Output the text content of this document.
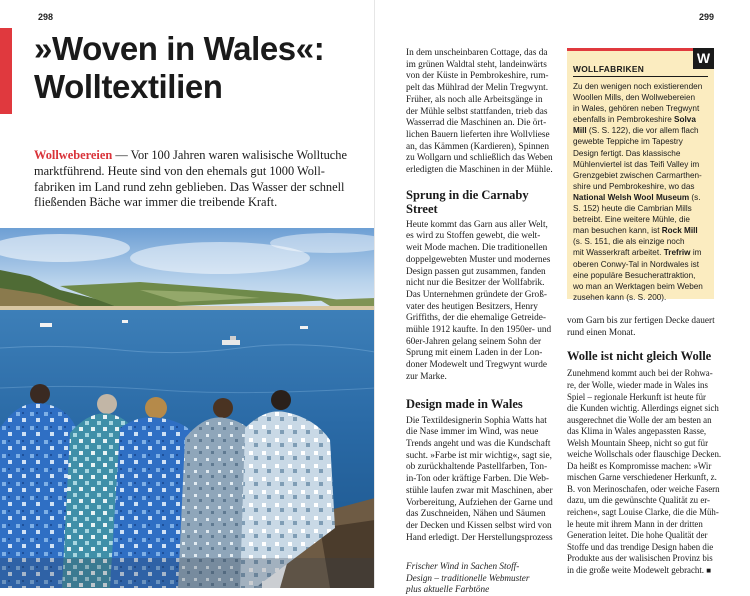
298
»Woven in Wales«:
Wolltextilien

Wollwebereien — Vor 100 Jahren waren walisische Wolltuche
marktführend. Heute sind von den ehemals gut 1000 Woll-
fabriken im Land rund zehn geblieben. Das Wasser der schnell
fließenden Bäche war immer die treibende Kraft.

299

In dem unscheinbaren Cottage, das da
im grünen Waldtal steht, landeinwärts
von der Küste in Pembrokeshire, rum-
pelt das Mühlrad der Melin Tregwynt.
Früher, als noch alle Arbeitsgänge in
der Mühle selbst stattfanden, trieb das
Wasserrad die Maschinen an. Die ört-
lichen Bauern lieferten ihre Wollvliese
an, das Kämmen (Kardieren), Spinnen
zu Wollgarn und schließlich das Weben
erledigten die Maschinen in der Mühle.

Sprung in die Carnaby
Street

Heute kommt das Garn aus aller Welt,
es wird zu Stoffen gewebt, die welt-
weit Mode machen. Die traditionellen
doppelgewebten Muster und modernes
Design passen gut zusammen, fanden
nicht nur die Besitzer der Wollfabrik.
Das Unternehmen gründete der Groß-
vater des heutigen Besitzers, Henry
Griffiths, der die ehemalige Getreide-
mühle 1912 kaufte. In den 1950er- und
60er-Jahren gelang seinem Sohn der
Sprung mit einem Laden in der Lon-
doner Modewelt und Tregwynt wurde
zur Marke.

Design made in Wales

Die Textildesignerin Sophia Watts hat
die Nase immer im Wind, was neue
Trends angeht und was die Kundschaft
sucht. »Farbe ist mir wichtig«, sagt sie,
ob zurückhaltende Pastellfarben, Ton-
in-Ton oder kräftige Farben. Die Web-
stühle laufen zwar mit Maschinen, aber
Vorbereitung, Aufziehen der Garne und
das Zuschneiden, Nähen und Säumen
der Decken und Kissen selbst wird von
Hand erledigt. Der Herstellungsprozess

Frischer Wind in Sachen Stoff-
Design – traditionelle Webmuster
plus aktuelle Farbtöne

W
WOLLFABRIKEN
Zu den wenigen noch existierenden
Woollen Mills, den Wollwebereien
in Wales, gehören neben Tregwynt
ebenfalls in Pembrokeshire Solva
Mill (S. S. 122), die vor allem flach
gewebte Teppiche im Tapestry
Design fertigt. Das klassische
Mühlenviertel ist das Teifi Valley im
Grenzgebiet zwischen Carmarthen-
shire und Pembrokeshire, wo das
National Welsh Wool Museum (s.
S. 152) heute die Cambrian Mills
betreibt. Eine weitere Mühle, die
man besuchen kann, ist Rock Mill
(s. S. 151, die als einzige noch
mit Wasserkraft arbeitet. Trefriw im
oberen Conwy-Tal in Nordwales ist
eine populäre Besucherattraktion,
wo man an Werktagen beim Weben
zusehen kann (s. S. 200).

vom Garn bis zur fertigen Decke dauert
rund einen Monat.

Wolle ist nicht gleich Wolle

Zunehmend kommt auch bei der Rohwa-
re, der Wolle, wieder made in Wales ins
Spiel – regionale Herkunft ist heute für
die Kunden wichtig. Allerdings eignet sich
ausgerechnet die Wolle der am besten an
das Klima in Wales angepassten Rasse,
Welsh Mountain Sheep, nicht so gut für
weiche Wollschals oder flauschige Decken.
Da heißt es Kompromisse machen: »Wir
mischen Garne verschiedener Herkunft, z.
B. von Merinoschafen, oder weiche Fasern
dazu, um die gewünschte Qualität zu er-
reichen«, sagt Louise Clarke, die die Müh-
le heute mit ihrem Mann in der dritten
Generation leitet. Die hohe Qualität der
Stoffe und das trendige Design haben die
Produkte aus der walisischen Provinz bis
in die große weite Modewelt gebracht. ■
